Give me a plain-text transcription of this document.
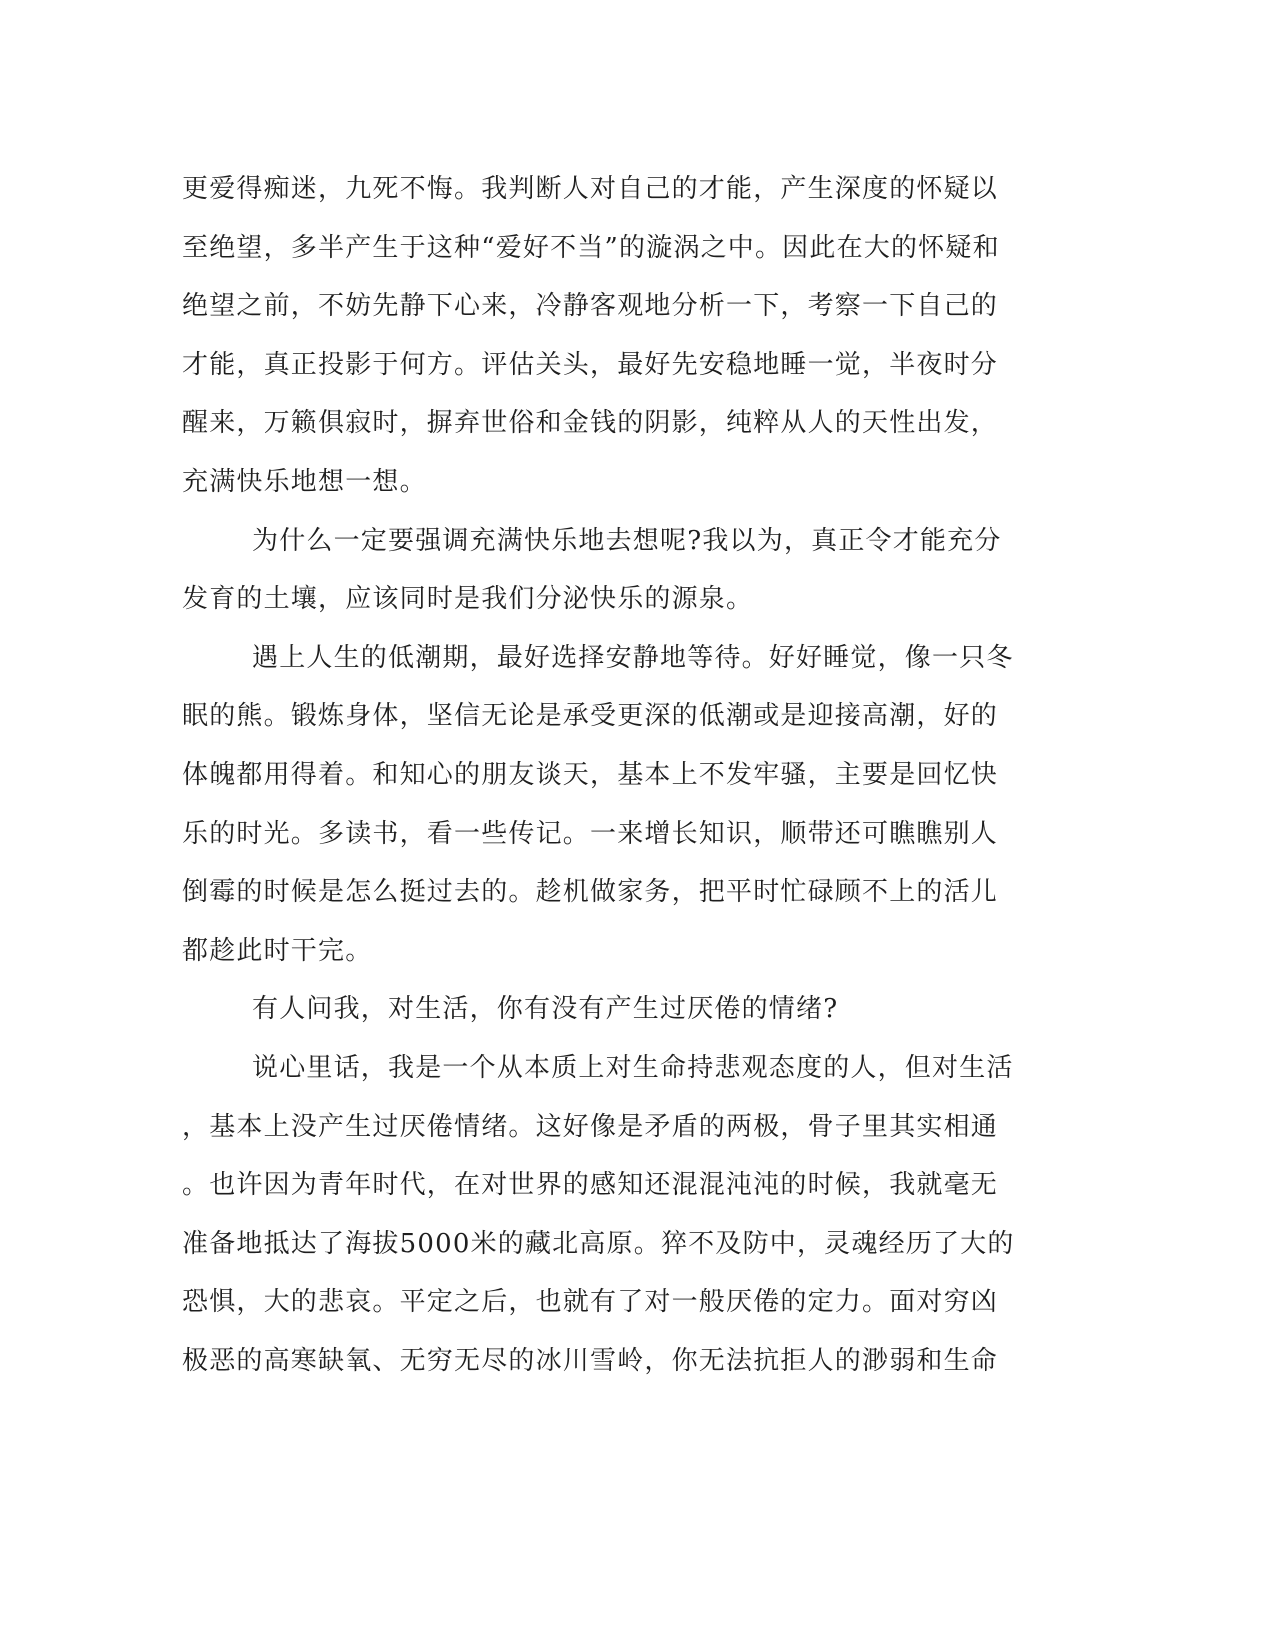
更爱得痴迷，九死不悔。我判断人对自己的才能，产生深度的怀疑以
至绝望，多半产生于这种“爱好不当”的漩涡之中。因此在大的怀疑和
绝望之前，不妨先静下心来，冷静客观地分析一下，考察一下自己的
才能，真正投影于何方。评估关头，最好先安稳地睡一觉，半夜时分
醒来，万籁俱寂时，摒弃世俗和金钱的阴影，纯粹从人的天性出发，
充满快乐地想一想。
为什么一定要强调充满快乐地去想呢?我以为，真正令才能充分
发育的土壤，应该同时是我们分泌快乐的源泉。
遇上人生的低潮期，最好选择安静地等待。好好睡觉，像一只冬
眠的熊。锻炼身体，坚信无论是承受更深的低潮或是迎接高潮，好的
体魄都用得着。和知心的朋友谈天，基本上不发牢骚，主要是回忆快
乐的时光。多读书，看一些传记。一来增长知识，顺带还可瞧瞧别人
倒霉的时候是怎么挺过去的。趁机做家务，把平时忙碌顾不上的活儿
都趁此时干完。
有人问我，对生活，你有没有产生过厌倦的情绪?
说心里话，我是一个从本质上对生命持悲观态度的人，但对生活
，基本上没产生过厌倦情绪。这好像是矛盾的两极，骨子里其实相通
。也许因为青年时代，在对世界的感知还混混沌沌的时候，我就毫无
准备地抵达了海拔5000米的藏北高原。猝不及防中，灵魂经历了大的
恐惧，大的悲哀。平定之后，也就有了对一般厌倦的定力。面对穷凶
极恶的高寒缺氧、无穷无尽的冰川雪岭，你无法抗拒人的渺弱和生命
